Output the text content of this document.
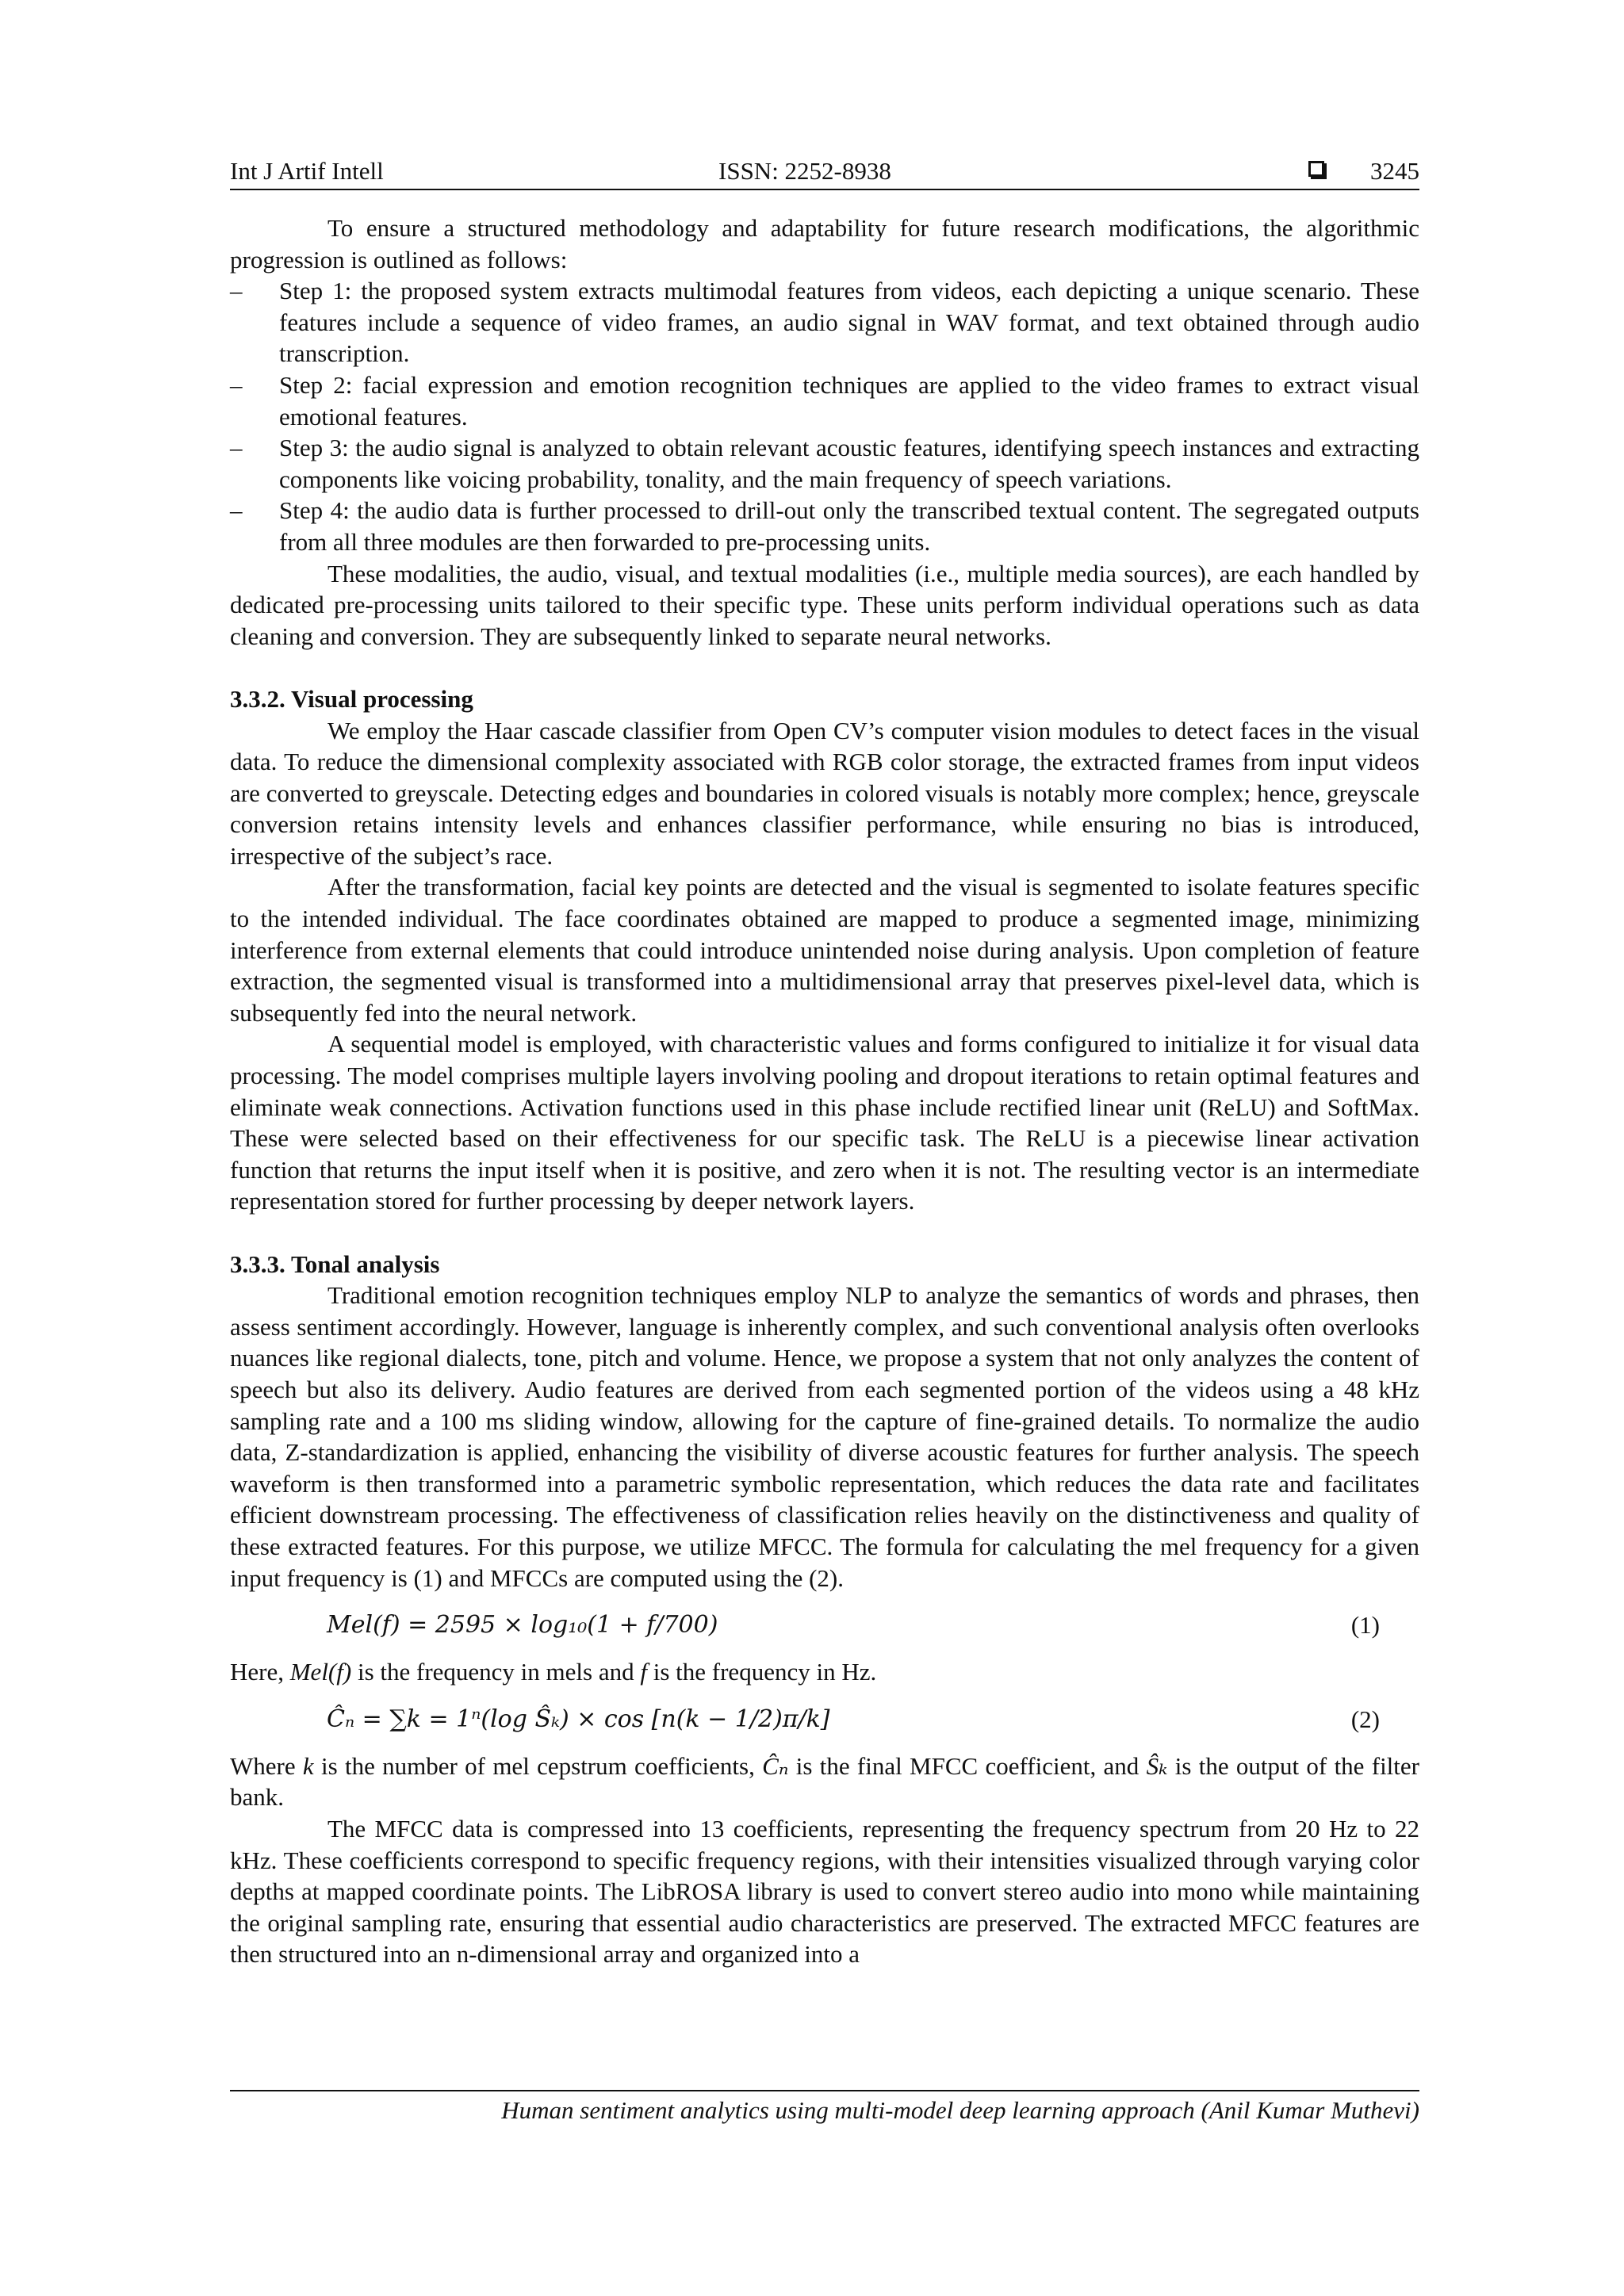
Int J Artif Intell	ISSN: 2252-8938	3245

To ensure a structured methodology and adaptability for future research modifications, the algorithmic progression is outlined as follows:

– Step 1: the proposed system extracts multimodal features from videos, each depicting a unique scenario. These features include a sequence of video frames, an audio signal in WAV format, and text obtained through audio transcription.
– Step 2: facial expression and emotion recognition techniques are applied to the video frames to extract visual emotional features.
– Step 3: the audio signal is analyzed to obtain relevant acoustic features, identifying speech instances and extracting components like voicing probability, tonality, and the main frequency of speech variations.
– Step 4: the audio data is further processed to drill-out only the transcribed textual content. The segregated outputs from all three modules are then forwarded to pre-processing units.

These modalities, the audio, visual, and textual modalities (i.e., multiple media sources), are each handled by dedicated pre-processing units tailored to their specific type. These units perform individual operations such as data cleaning and conversion. They are subsequently linked to separate neural networks.

3.3.2. Visual processing

We employ the Haar cascade classifier from Open CV’s computer vision modules to detect faces in the visual data. To reduce the dimensional complexity associated with RGB color storage, the extracted frames from input videos are converted to greyscale. Detecting edges and boundaries in colored visuals is notably more complex; hence, greyscale conversion retains intensity levels and enhances classifier performance, while ensuring no bias is introduced, irrespective of the subject’s race.

After the transformation, facial key points are detected and the visual is segmented to isolate features specific to the intended individual. The face coordinates obtained are mapped to produce a segmented image, minimizing interference from external elements that could introduce unintended noise during analysis. Upon completion of feature extraction, the segmented visual is transformed into a multidimensional array that preserves pixel-level data, which is subsequently fed into the neural network.

A sequential model is employed, with characteristic values and forms configured to initialize it for visual data processing. The model comprises multiple layers involving pooling and dropout iterations to retain optimal features and eliminate weak connections. Activation functions used in this phase include rectified linear unit (ReLU) and SoftMax. These were selected based on their effectiveness for our specific task. The ReLU is a piecewise linear activation function that returns the input itself when it is positive, and zero when it is not. The resulting vector is an intermediate representation stored for further processing by deeper network layers.

3.3.3. Tonal analysis

Traditional emotion recognition techniques employ NLP to analyze the semantics of words and phrases, then assess sentiment accordingly. However, language is inherently complex, and such conventional analysis often overlooks nuances like regional dialects, tone, pitch and volume. Hence, we propose a system that not only analyzes the content of speech but also its delivery. Audio features are derived from each segmented portion of the videos using a 48 kHz sampling rate and a 100 ms sliding window, allowing for the capture of fine-grained details. To normalize the audio data, Z-standardization is applied, enhancing the visibility of diverse acoustic features for further analysis. The speech waveform is then transformed into a parametric symbolic representation, which reduces the data rate and facilitates efficient downstream processing. The effectiveness of classification relies heavily on the distinctiveness and quality of these extracted features. For this purpose, we utilize MFCC. The formula for calculating the mel frequency for a given input frequency is (1) and MFCCs are computed using the (2).

Mel(f) = 2595 × log₁₀(1 + f/700)	(1)

Here, Mel(f) is the frequency in mels and f is the frequency in Hz.

Ĉₙ = ∑k = 1ⁿ(log Ŝₖ) × cos [n(k − 1/2)π/k]	(2)

Where k is the number of mel cepstrum coefficients, Ĉₙ is the final MFCC coefficient, and Ŝₖ is the output of the filter bank.

The MFCC data is compressed into 13 coefficients, representing the frequency spectrum from 20 Hz to 22 kHz. These coefficients correspond to specific frequency regions, with their intensities visualized through varying color depths at mapped coordinate points. The LibROSA library is used to convert stereo audio into mono while maintaining the original sampling rate, ensuring that essential audio characteristics are preserved. The extracted MFCC features are then structured into an n-dimensional array and organized into a

Human sentiment analytics using multi-model deep learning approach (Anil Kumar Muthevi)
